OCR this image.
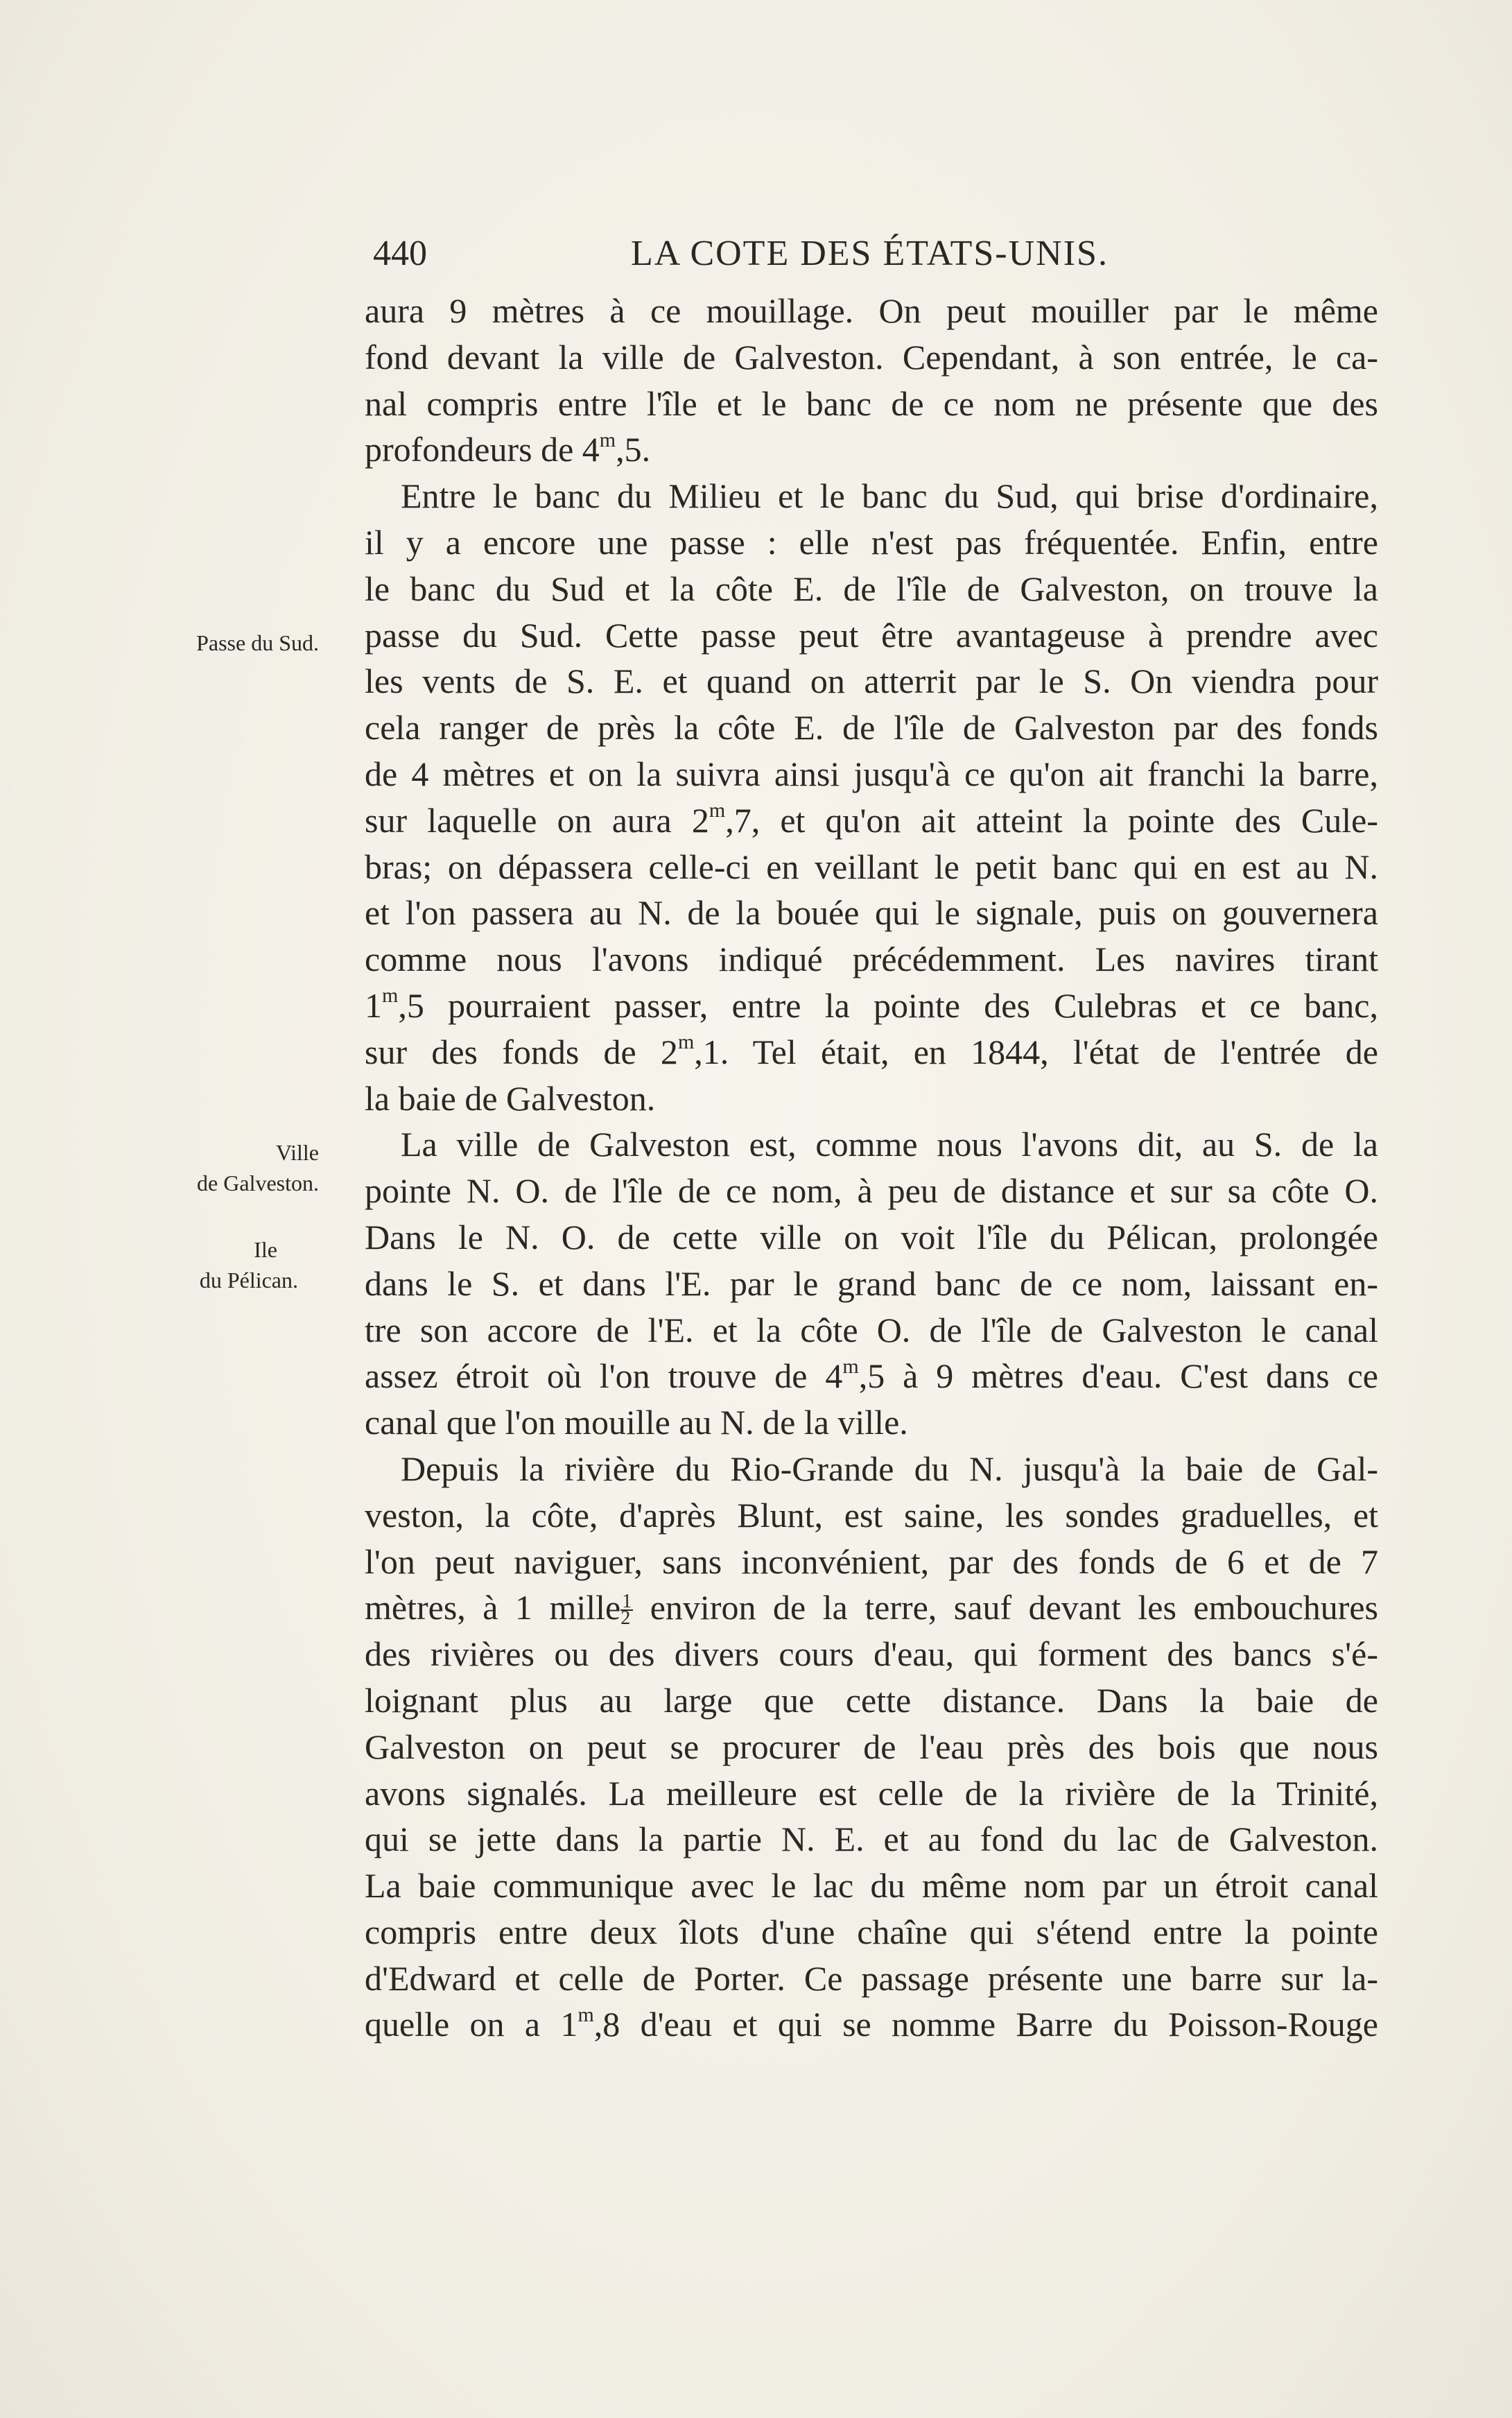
440	LA COTE DES ÉTATS-UNIS.
Passe du Sud.
Ville
de Galveston.
Ile
du Pélican.
aura 9 mètres à ce mouillage. On peut mouiller par le même
fond devant la ville de Galveston. Cependant, à son entrée, le ca-
nal compris entre l'île et le banc de ce nom ne présente que des
profondeurs de 4$^m$,5.
Entre le banc du Milieu et le banc du Sud, qui brise d'ordinaire,
il y a encore une passe : elle n'est pas fréquentée. Enfin, entre
le banc du Sud et la côte E. de l'île de Galveston, on trouve la
passe du Sud. Cette passe peut être avantageuse à prendre avec
les vents de S. E. et quand on atterrit par le S. On viendra pour
cela ranger de près la côte E. de l'île de Galveston par des fonds
de 4 mètres et on la suivra ainsi jusqu'à ce qu'on ait franchi la barre,
sur laquelle on aura 2$^m$,7, et qu'on ait atteint la pointe des Cule-
bras; on dépassera celle-ci en veillant le petit banc qui en est au N.
et l'on passera au N. de la bouée qui le signale, puis on gouvernera
comme nous l'avons indiqué précédemment. Les navires tirant
1$^m$,5 pourraient passer, entre la pointe des Culebras et ce banc,
sur des fonds de 2$^m$,1. Tel était, en 1844, l'état de l'entrée de
la baie de Galveston.
La ville de Galveston est, comme nous l'avons dit, au S. de la
pointe N. O. de l'île de ce nom, à peu de distance et sur sa côte O.
Dans le N. O. de cette ville on voit l'île du Pélican, prolongée
dans le S. et dans l'E. par le grand banc de ce nom, laissant en-
tre son accore de l'E. et la côte O. de l'île de Galveston le canal
assez étroit où l'on trouve de 4$^m$,5 à 9 mètres d'eau. C'est dans ce
canal que l'on mouille au N. de la ville.
Depuis la rivière du Rio-Grande du N. jusqu'à la baie de Gal-
veston, la côte, d'après Blunt, est saine, les sondes graduelles, et
l'on peut naviguer, sans inconvénient, par des fonds de 6 et de 7
mètres, à 1 mille $\frac{1}{2}$ environ de la terre, sauf devant les embouchures
des rivières ou des divers cours d'eau, qui forment des bancs s'é-
loignant plus au large que cette distance. Dans la baie de
Galveston on peut se procurer de l'eau près des bois que nous
avons signalés. La meilleure est celle de la rivière de la Trinité,
qui se jette dans la partie N. E. et au fond du lac de Galveston.
La baie communique avec le lac du même nom par un étroit canal
compris entre deux îlots d'une chaîne qui s'étend entre la pointe
d'Edward et celle de Porter. Ce passage présente une barre sur la-
quelle on a 1$^m$,8 d'eau et qui se nomme Barre du Poisson-Rouge
